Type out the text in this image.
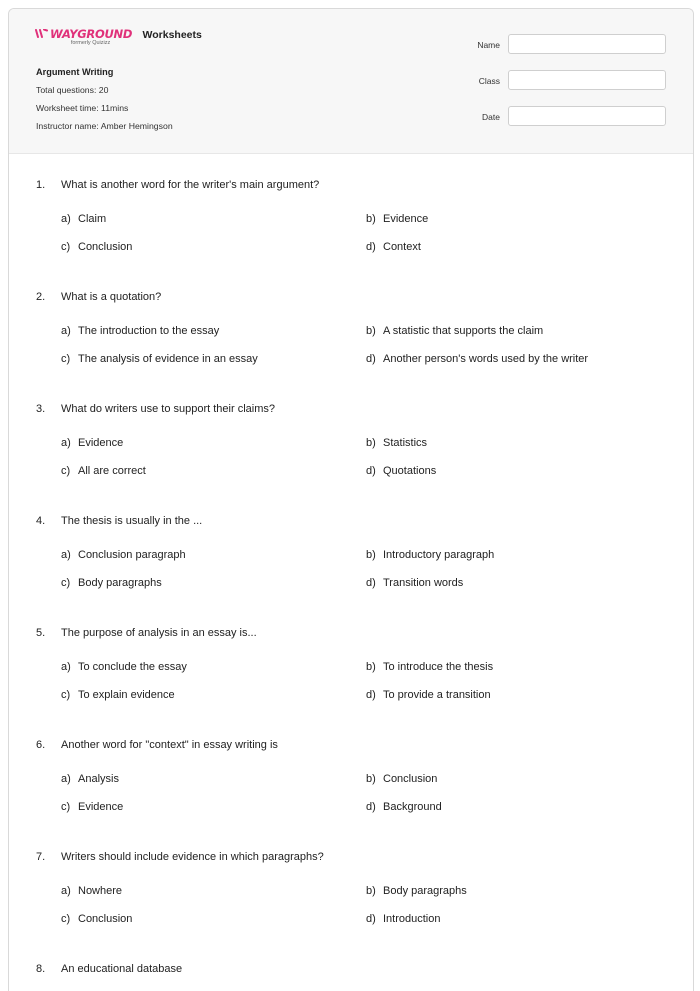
WAYGROUND
formerly Quizizz
Worksheets
Argument Writing
Total questions: 20
Worksheet time: 11mins
Instructor name: Amber Hemingson
Name
Class
Date
1. What is another word for the writer's main argument?
a) Claim	b) Evidence
c) Conclusion	d) Context
2. What is a quotation?
a) The introduction to the essay	b) A statistic that supports the claim
c) The analysis of evidence in an essay	d) Another person's words used by the writer
3. What do writers use to support their claims?
a) Evidence	b) Statistics
c) All are correct	d) Quotations
4. The thesis is usually in the ...
a) Conclusion paragraph	b) Introductory paragraph
c) Body paragraphs	d) Transition words
5. The purpose of analysis in an essay is...
a) To conclude the essay	b) To introduce the thesis
c) To explain evidence	d) To provide a transition
6. Another word for "context" in essay writing is
a) Analysis	b) Conclusion
c) Evidence	d) Background
7. Writers should include evidence in which paragraphs?
a) Nowhere	b) Body paragraphs
c) Conclusion	d) Introduction
8. An educational database
